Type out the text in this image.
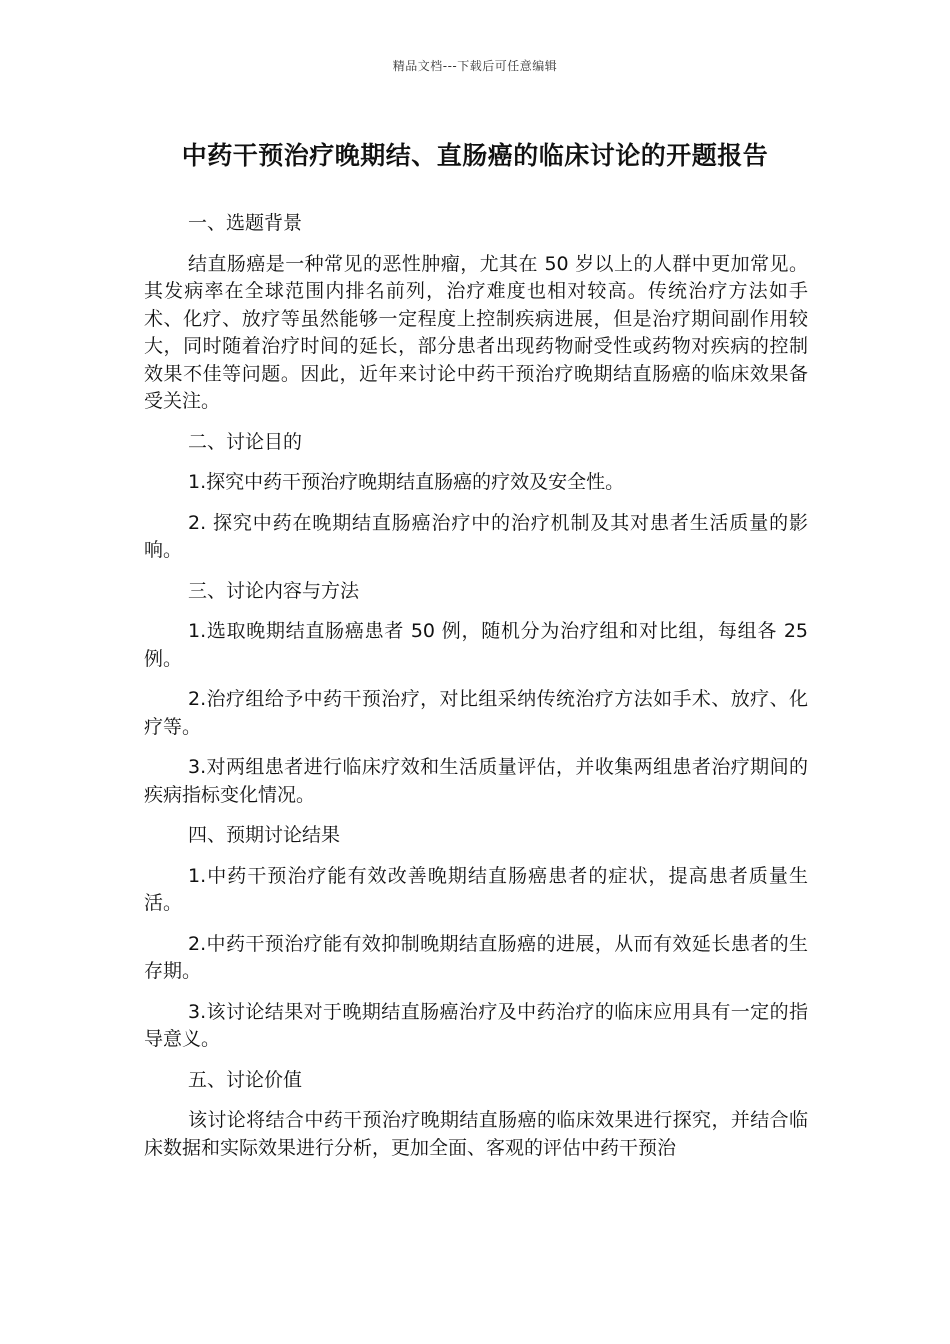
精品文档---下载后可任意编辑
中药干预治疗晚期结、直肠癌的临床讨论的开题报告

一、选题背景

结直肠癌是一种常见的恶性肿瘤，尤其在 50 岁以上的人群中更加常见。其发病率在全球范围内排名前列，治疗难度也相对较高。传统治疗方法如手术、化疗、放疗等虽然能够一定程度上控制疾病进展，但是治疗期间副作用较大，同时随着治疗时间的延长，部分患者出现药物耐受性或药物对疾病的控制效果不佳等问题。因此，近年来讨论中药干预治疗晚期结直肠癌的临床效果备受关注。

二、讨论目的

1.探究中药干预治疗晚期结直肠癌的疗效及安全性。

2. 探究中药在晚期结直肠癌治疗中的治疗机制及其对患者生活质量的影响。

三、讨论内容与方法

1.选取晚期结直肠癌患者 50 例，随机分为治疗组和对比组，每组各 25 例。

2.治疗组给予中药干预治疗，对比组采纳传统治疗方法如手术、放疗、化疗等。

3.对两组患者进行临床疗效和生活质量评估，并收集两组患者治疗期间的疾病指标变化情况。

四、预期讨论结果

1.中药干预治疗能有效改善晚期结直肠癌患者的症状，提高患者质量生活。

2.中药干预治疗能有效抑制晚期结直肠癌的进展，从而有效延长患者的生存期。

3.该讨论结果对于晚期结直肠癌治疗及中药治疗的临床应用具有一定的指导意义。

五、讨论价值

该讨论将结合中药干预治疗晚期结直肠癌的临床效果进行探究，并结合临床数据和实际效果进行分析，更加全面、客观的评估中药干预治
